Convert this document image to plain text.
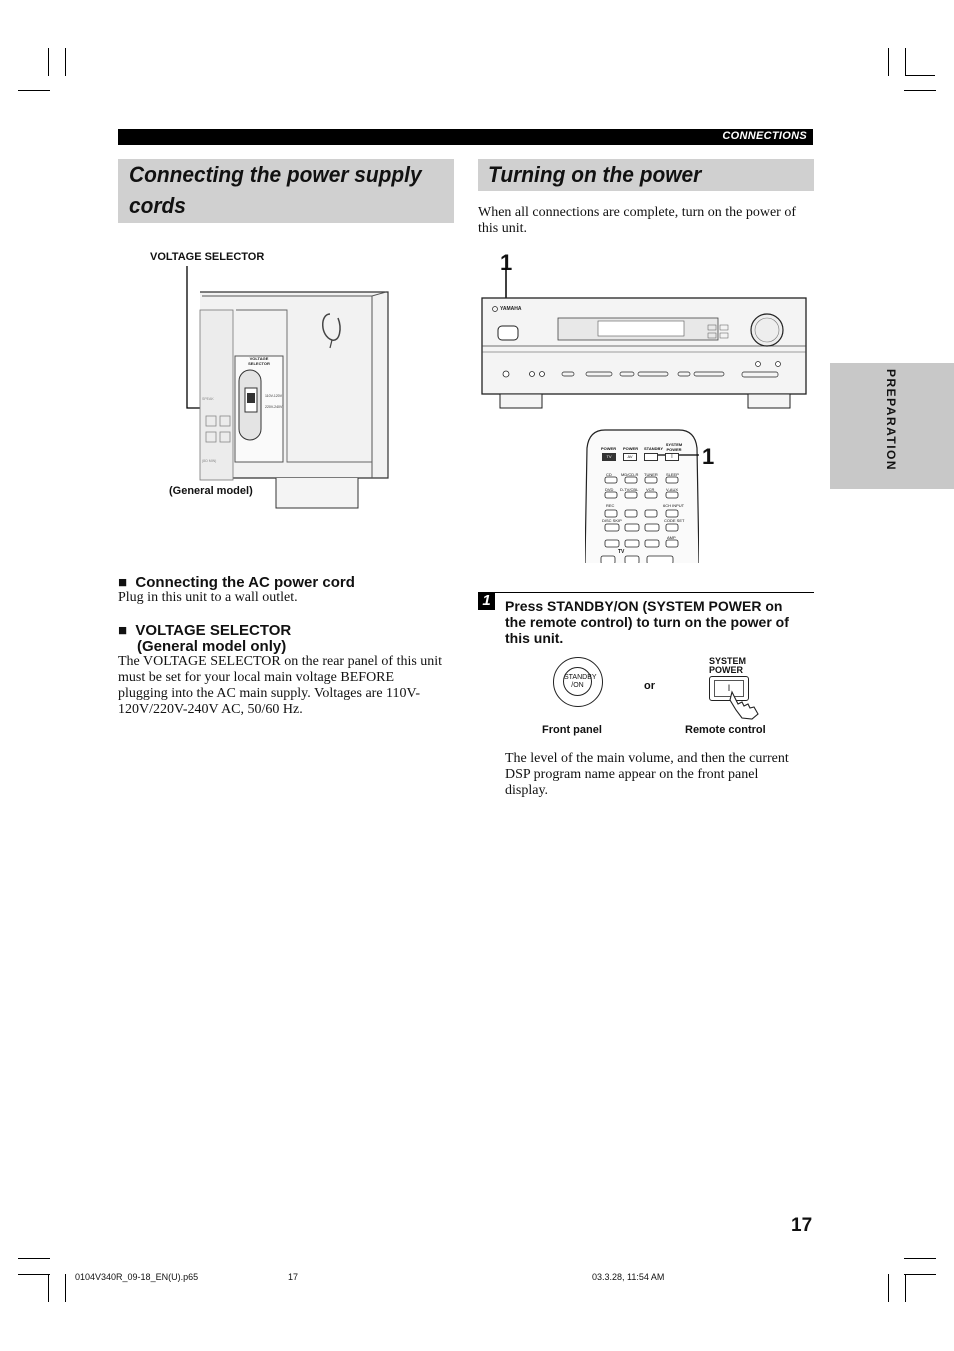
CONNECTIONS
Connecting the power supply
cords
VOLTAGE SELECTOR
VOLTAGE
SELECTOR
110V-120V
220V-240V
SPEAK
(8Ω MIN)
(General model)
■ Connecting the AC power cord
Plug in this unit to a wall outlet.
■ VOLTAGE SELECTOR
(General model only)
The VOLTAGE SELECTOR on the rear panel of this unit
must be set for your local main voltage BEFORE
plugging into the AC main supply. Voltages are 110V-
120V/220V-240V AC, 50/60 Hz.
Turning on the power
When all connections are complete, turn on the power of
this unit.
1
YAMAHA
POWER POWER STANDBY
SYSTEM POWER
TV	AV	I
CD MD/CD-R TUNER SLEEP
DVD D-TV/CBL VCR	V-AUX
REC	6CH INPUT
DISC SKIP	CODE SET
AMP
TV
1
1	Press STANDBY/ON (SYSTEM POWER on
the remote control) to turn on the power of
this unit.
STANDBY
/ON	or
SYSTEM
POWER
I
Front panel	Remote control
The level of the main volume, and then the current
DSP program name appear on the front panel
display.
PREPARATION
17
0104V340R_09-18_EN(U).p65	17	03.3.28, 11:54 AM
